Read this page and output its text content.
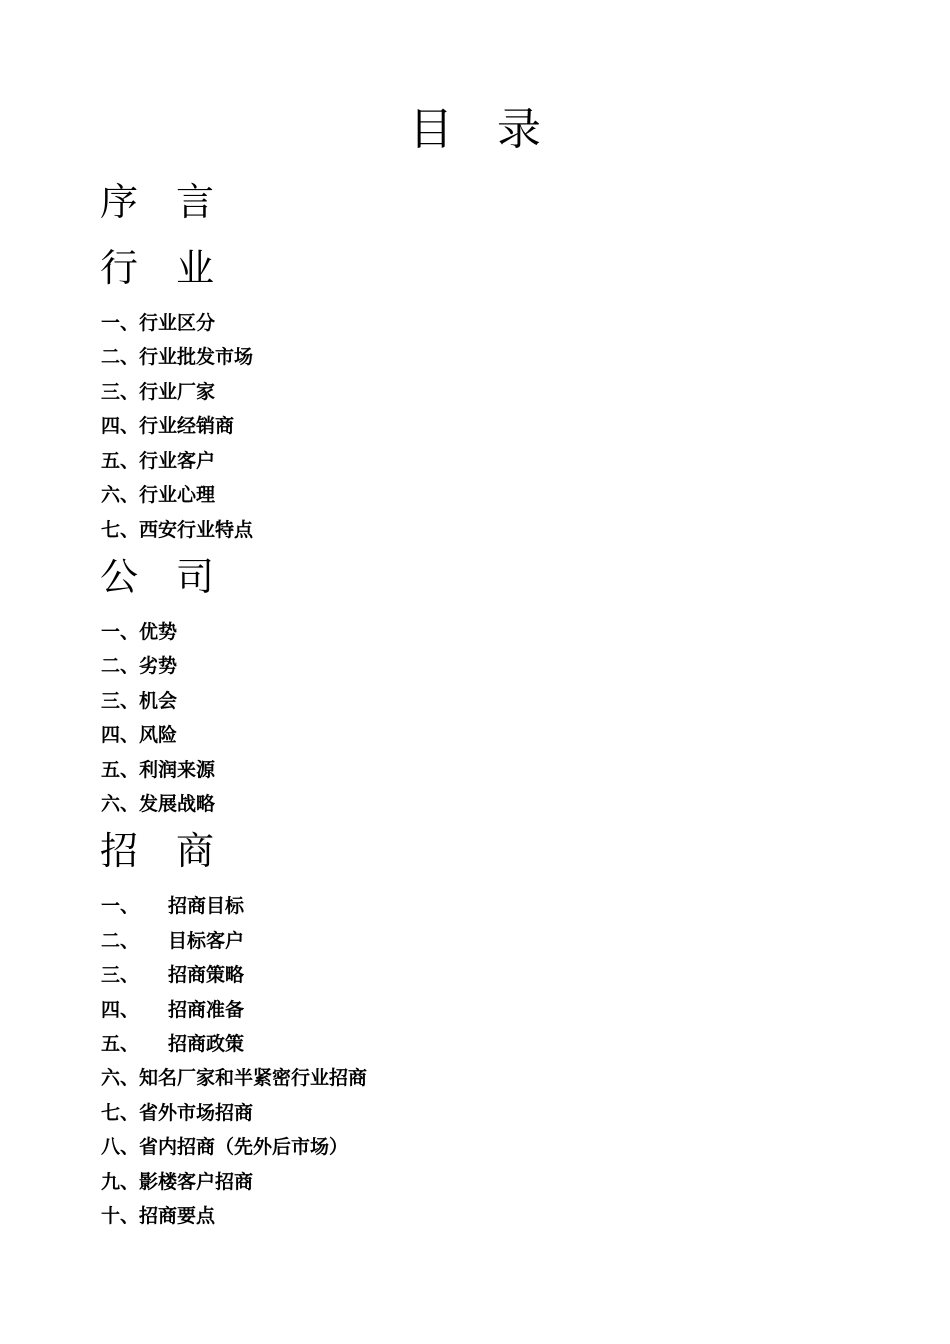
目　录
序　言
行　业
一、行业区分
二、行业批发市场
三、行业厂家
四、行业经销商
五、行业客户
六、行业心理
七、西安行业特点
公　司
一、优势
二、劣势
三、机会
四、风险
五、利润来源
六、发展战略
招　商
一、 招商目标
二、 目标客户
三、 招商策略
四、 招商准备
五、 招商政策
六、知名厂家和半紧密行业招商
七、省外市场招商
八、省内招商（先外后市场）
九、影楼客户招商
十、招商要点
